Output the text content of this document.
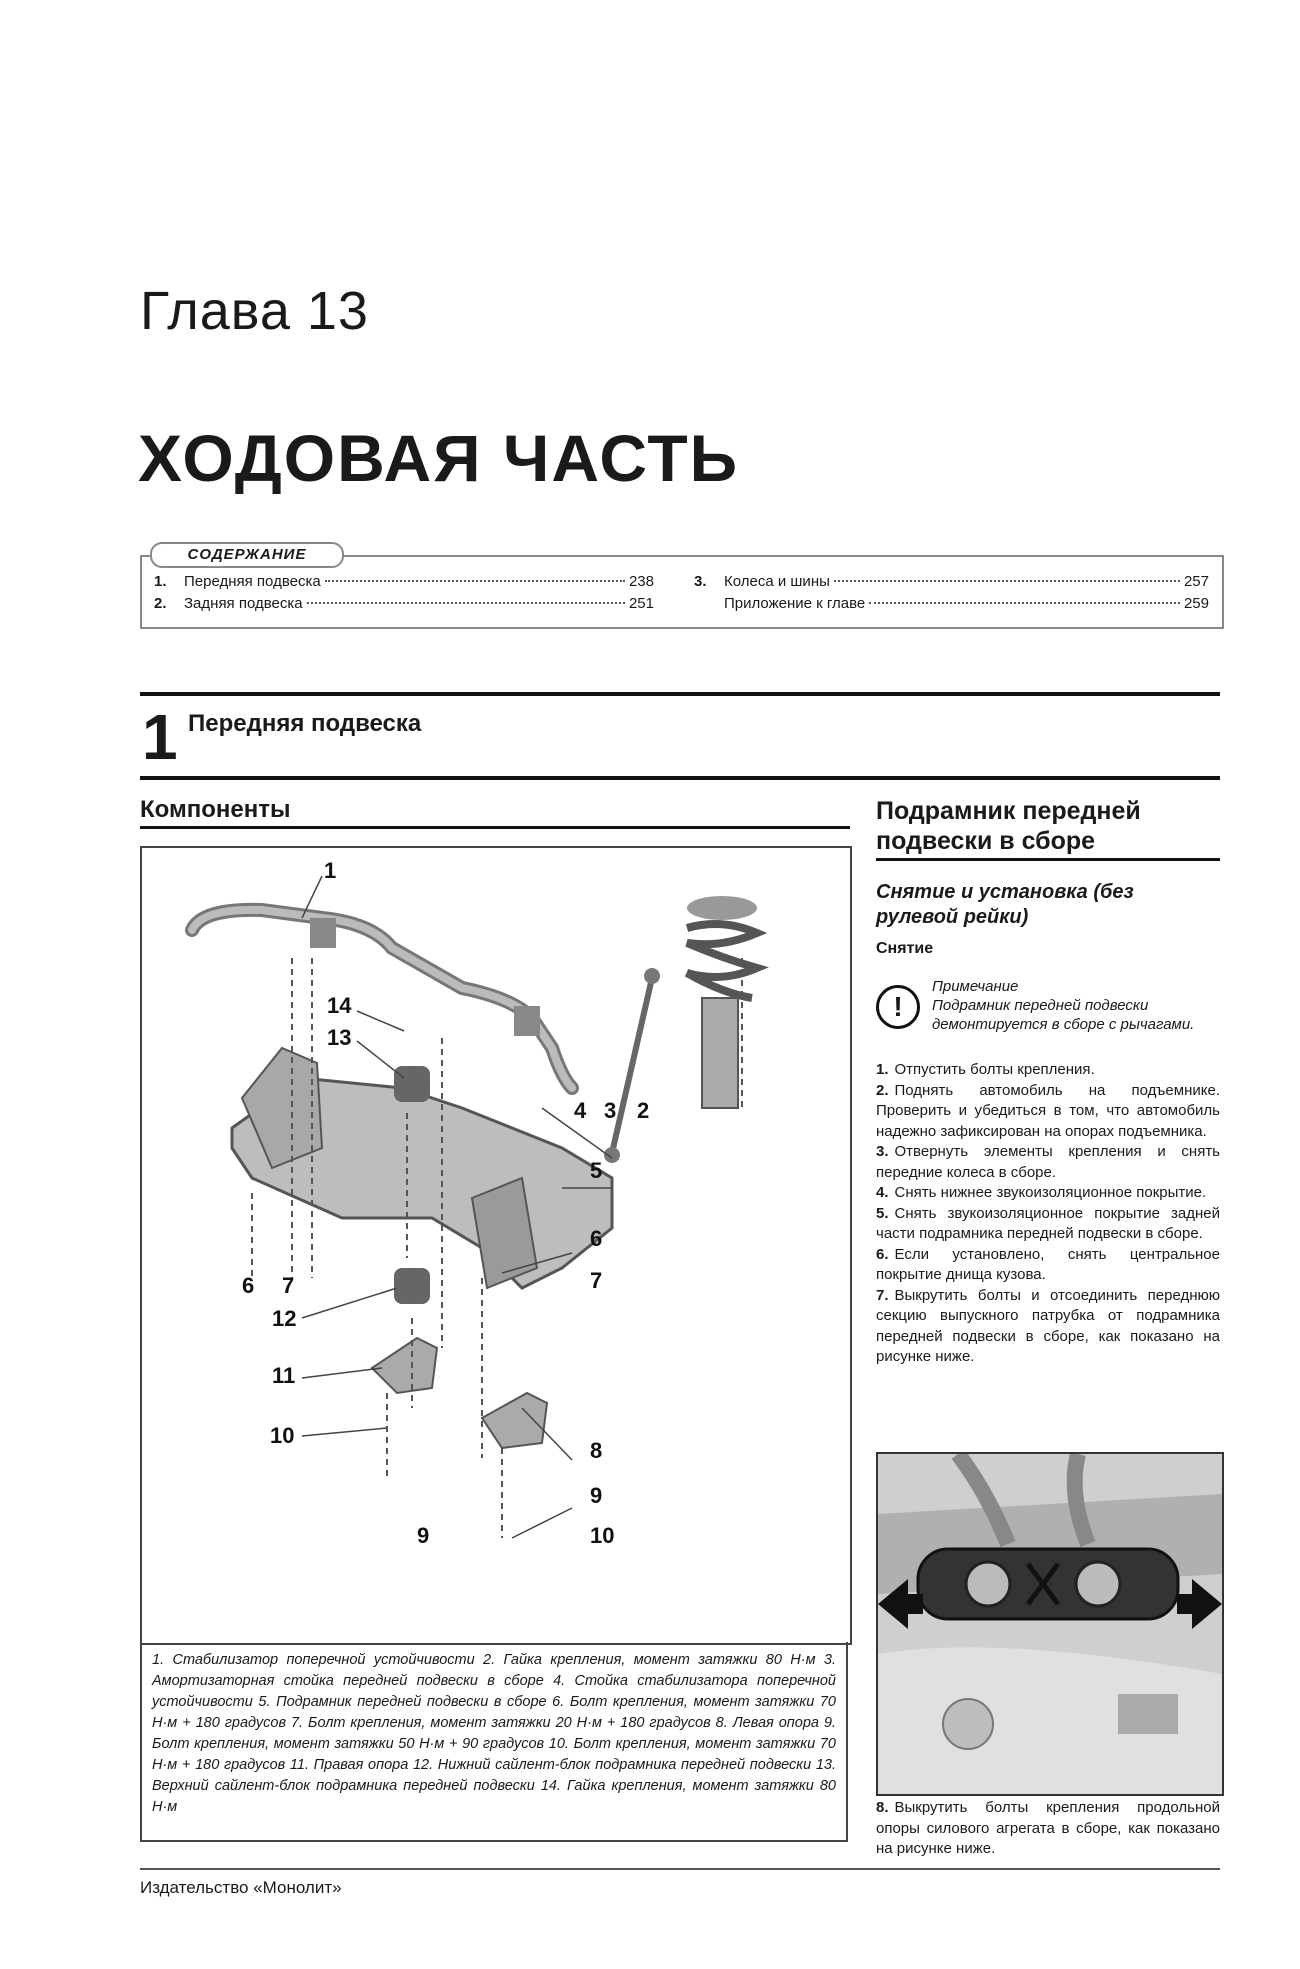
Глава 13
ХОДОВАЯ ЧАСТЬ
1.	Передняя подвеска	238
2.	Задняя подвеска	251
3.	Колеса и шины	257
Приложение к главе	259
СОДЕРЖАНИЕ
1 Передняя подвеска
Компоненты
1
14
13
4 3 2
5
6
7
12
11
8
9
10
6 7
9	10
1. Стабилизатор поперечной устойчивости 2. Гайка крепления, момент затяжки 80 Н·м 3. Амортизаторная стойка передней подвески в сборе 4. Стойка стабилизатора поперечной устойчивости 5. Подрамник передней подвески в сборе 6. Болт крепления, момент затяжки 70 Н·м + 180 градусов 7. Болт крепления, момент затяжки 20 Н·м + 180 градусов 8. Левая опора 9. Болт крепления, момент затяжки 50 Н·м + 90 градусов 10. Болт крепления, момент затяжки 70 Н·м + 180 градусов 11. Правая опора 12. Нижний сайлент-блок подрамника передней подвески 13. Верхний сайлент-блок подрамника передней подвески 14. Гайка крепления, момент затяжки 80 Н·м
Подрамник передней подвески в сборе
Снятие и установка (без рулевой рейки)
Снятие
!
Примечание
Подрамник передней подвески демонтируется в сборе с рычагами.

1. Отпустить болты крепления.

2. Поднять автомобиль на подъемнике. Проверить и убедиться в том, что автомобиль надежно зафиксирован на опорах подъемника.

3. Отвернуть элементы крепления и снять передние колеса в сборе.

4. Снять нижнее звукоизоляционное покрытие.

5. Снять звукоизоляционное покрытие задней части подрамника передней подвески в сборе.

6. Если установлено, снять центральное покрытие днища кузова.

7. Выкрутить болты и отсоединить переднюю секцию выпускного патрубка от подрамника передней подвески в сборе, как показано на рисунке ниже.

8. Выкрутить болты крепления продольной опоры силового агрегата в сборе, как показано на рисунке ниже.
Издательство «Монолит»
